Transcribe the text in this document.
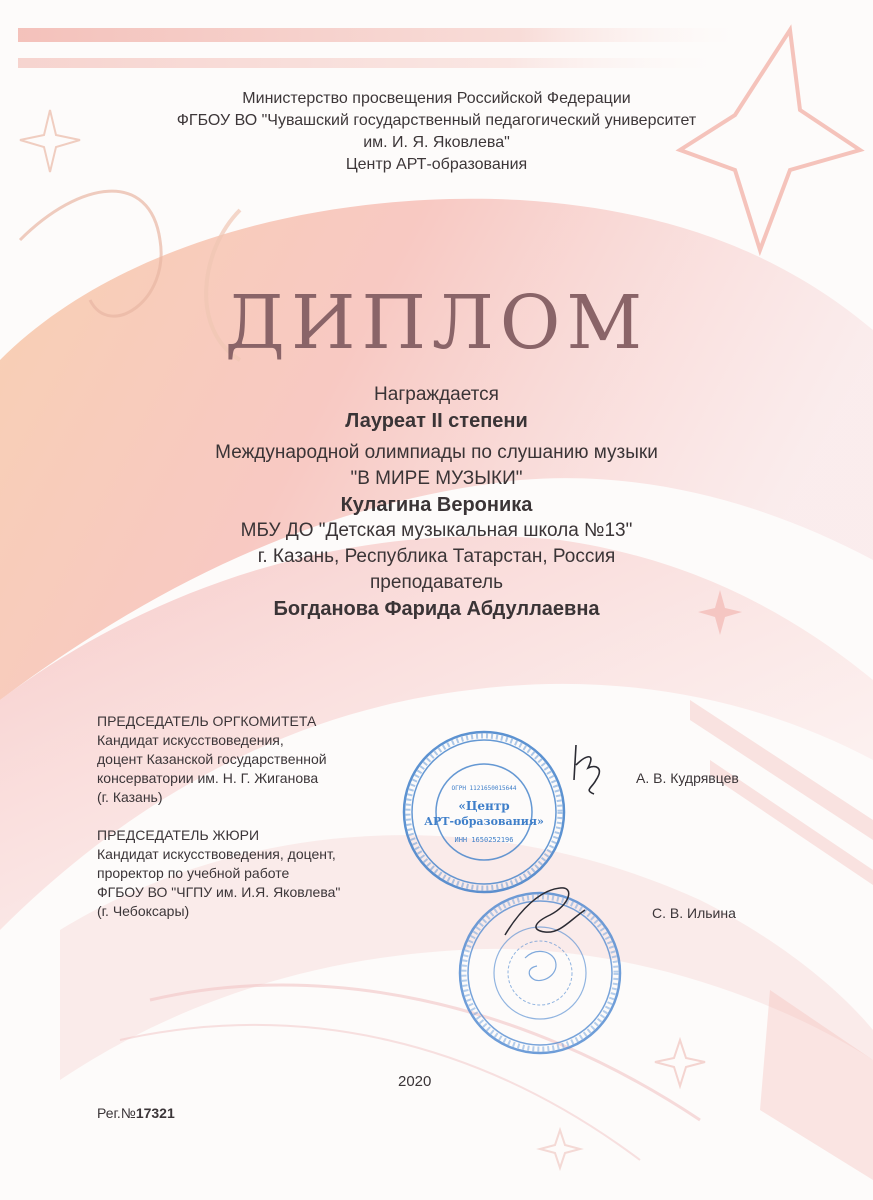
Министерство просвещения Российской Федерации
ФГБОУ ВО "Чувашский государственный педагогический университет
им. И. Я. Яковлева"
Центр АРТ-образования
ДИПЛОМ
Награждается
Лауреат II степени
Международной олимпиады по слушанию музыки
"В МИРЕ МУЗЫКИ"
Кулагина Вероника
МБУ ДО "Детская музыкальная школа №13"
г. Казань, Республика Татарстан, Россия
преподаватель
Богданова Фарида Абдуллаевна
ПРЕДСЕДАТЕЛЬ ОРГКОМИТЕТА
Кандидат искусствоведения,
доцент Казанской государственной
консерватории им. Н. Г. Жиганова
(г. Казань)
А. В. Кудрявцев
ПРЕДСЕДАТЕЛЬ ЖЮРИ
Кандидат искусствоведения, доцент,
проректор по учебной работе
ФГБОУ ВО "ЧГПУ им. И.Я. Яковлева"
(г. Чебоксары)	С. В. Ильина
ОГРН 1121650015644
«Центр
АРТ-образования»
ИНН 1650252196
2020
Рег.№17321
